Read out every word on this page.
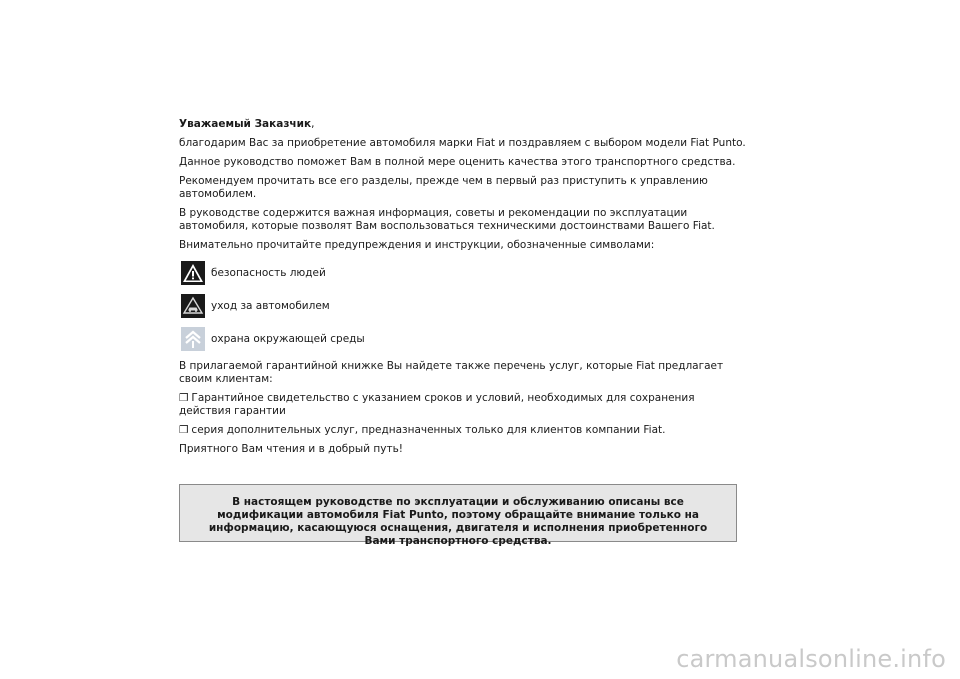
Уважаемый Заказчик,

благодарим Вас за приобретение автомобиля марки Fiat и поздравляем с выбором модели Fiat Punto.

Данное руководство поможет Вам в полной мере оценить качества этого транспортного средства.

Рекомендуем прочитать все его разделы, прежде чем в первый раз приступить к управлению автомобилем.

В руководстве содержится важная информация, советы и рекомендации по эксплуатации автомобиля, которые позволят Вам воспользоваться техническими достоинствами Вашего Fiat.

Внимательно прочитайте предупреждения и инструкции, обозначенные символами:

безопасность людей
уход за автомобилем
охрана окружающей среды

В прилагаемой гарантийной книжке Вы найдете также перечень услуг, которые Fiat предлагает своим клиентам:

❒ Гарантийное свидетельство с указанием сроков и условий, необходимых для сохранения действия гарантии

❒ серия дополнительных услуг, предназначенных только для клиентов компании Fiat.

Приятного Вам чтения и в добрый путь!

В настоящем руководстве по эксплуатации и обслуживанию описаны все модификации автомобиля Fiat Punto, поэтому обращайте внимание только на информацию, касающуюся оснащения, двигателя и исполнения приобретенного Вами транспортного средства.
carmanualsonline.info
